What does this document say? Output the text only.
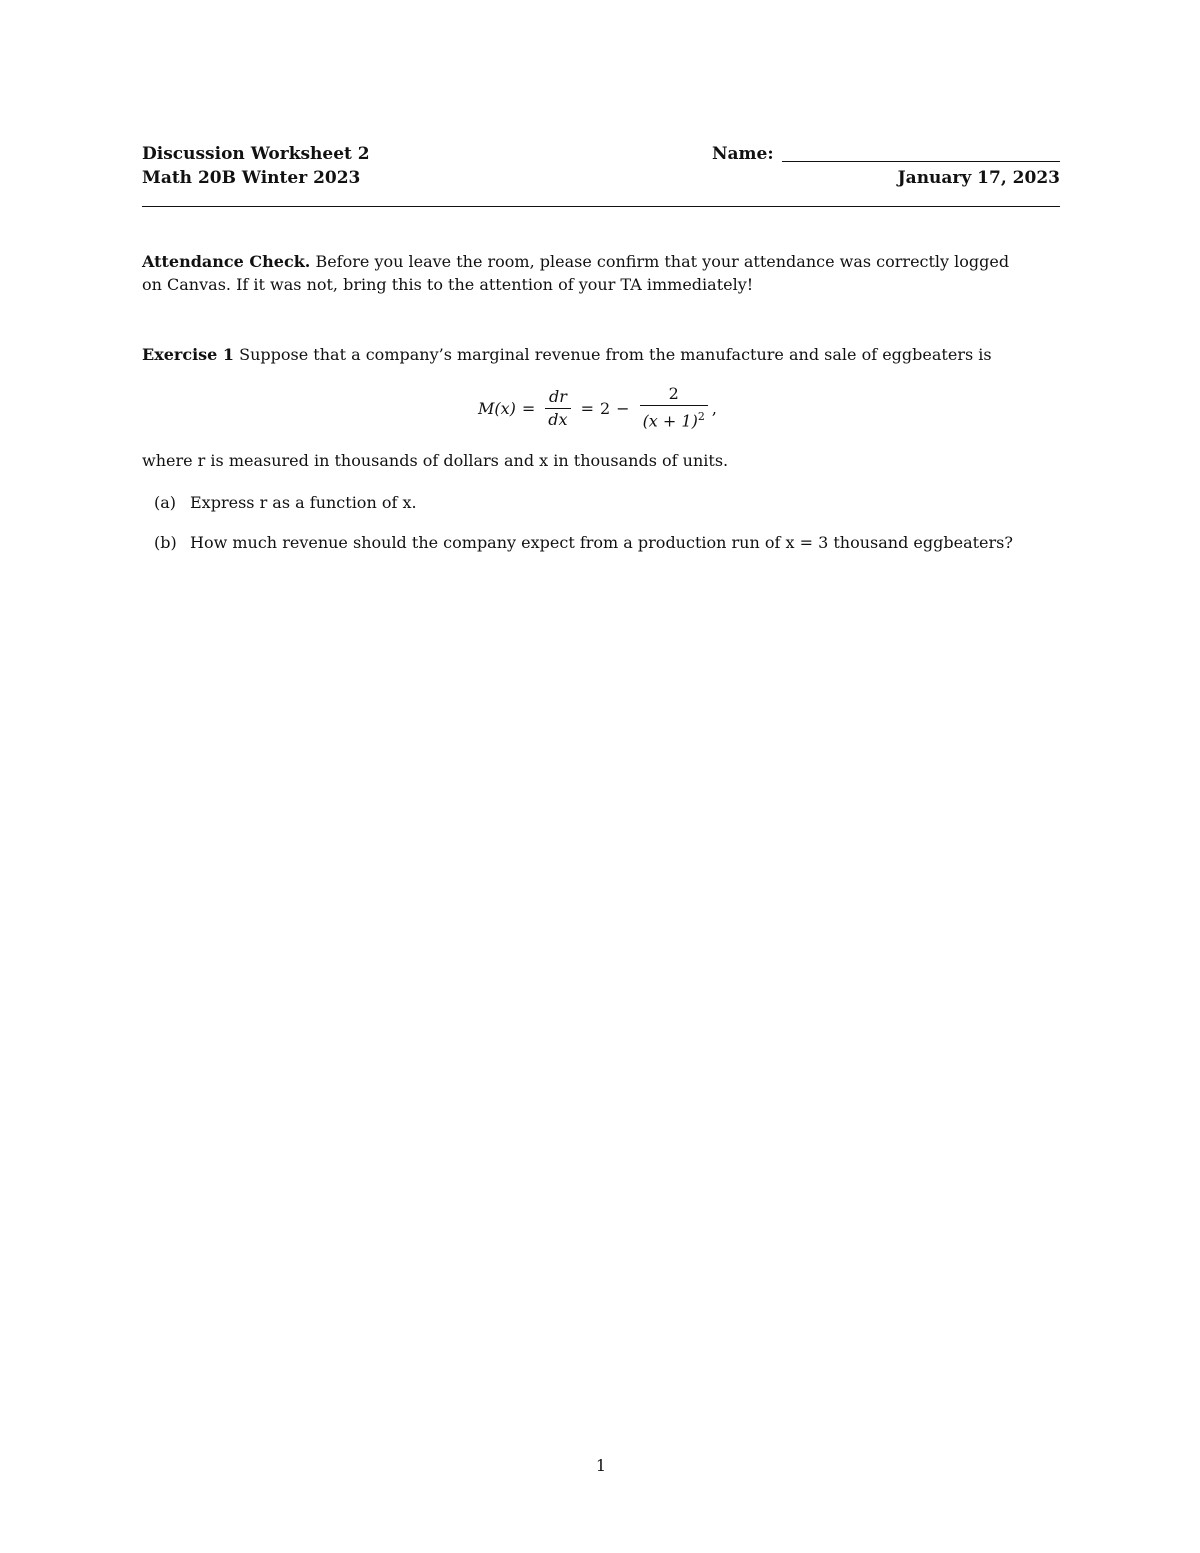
Discussion Worksheet 2	Name:
Math 20B Winter 2023	January 17, 2023
Attendance Check. Before you leave the room, please confirm that your attendance was correctly logged
on Canvas. If it was not, bring this to the attention of your TA immediately!
Exercise 1 Suppose that a company’s marginal revenue from the manufacture and sale of eggbeaters is
$M(x) = \frac{dr}{dx} = 2 - \frac{2}{(x + 1)^2}$ ,
where r is measured in thousands of dollars and x in thousands of units.
(a) Express r as a function of x.
(b) How much revenue should the company expect from a production run of x = 3 thousand eggbeaters?
1
